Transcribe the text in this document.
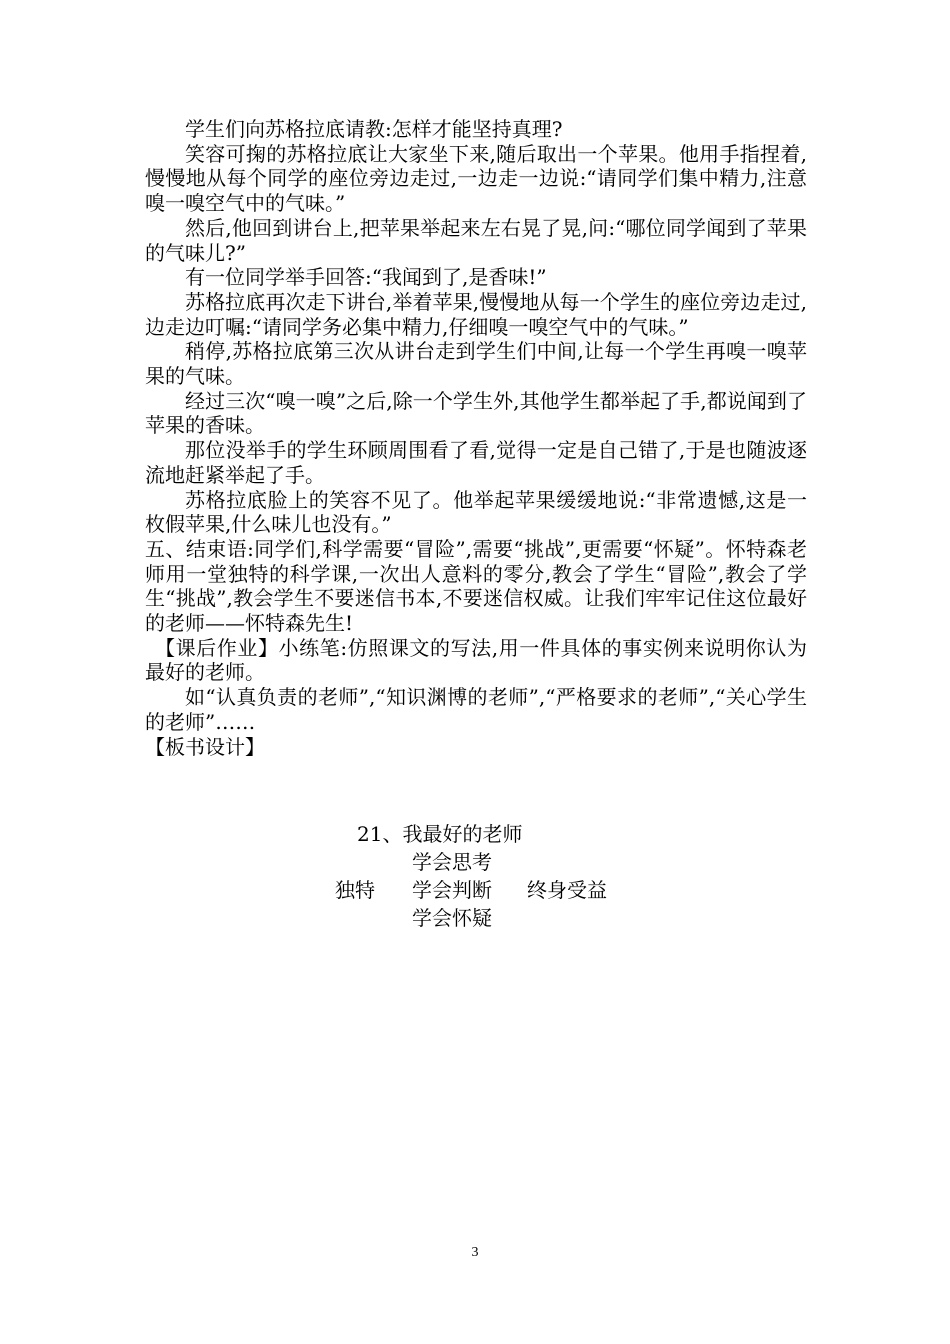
学生们向苏格拉底请教:怎样才能坚持真理?

笑容可掬的苏格拉底让大家坐下来,随后取出一个苹果。他用手指捏着,慢慢地从每个同学的座位旁边走过,一边走一边说:“请同学们集中精力,注意嗅一嗅空气中的气味。”

然后,他回到讲台上,把苹果举起来左右晃了晃,问:“哪位同学闻到了苹果的气味儿?”

有一位同学举手回答:“我闻到了,是香味!”

苏格拉底再次走下讲台,举着苹果,慢慢地从每一个学生的座位旁边走过,边走边叮嘱:“请同学务必集中精力,仔细嗅一嗅空气中的气味。”

稍停,苏格拉底第三次从讲台走到学生们中间,让每一个学生再嗅一嗅苹果的气味。

经过三次“嗅一嗅”之后,除一个学生外,其他学生都举起了手,都说闻到了苹果的香味。

那位没举手的学生环顾周围看了看,觉得一定是自己错了,于是也随波逐流地赶紧举起了手。

苏格拉底脸上的笑容不见了。他举起苹果缓缓地说:“非常遗憾,这是一枚假苹果,什么味儿也没有。”

五、结束语:同学们,科学需要“冒险”,需要“挑战”,更需要“怀疑”。怀特森老师用一堂独特的科学课,一次出人意料的零分,教会了学生“冒险”,教会了学生“挑战”,教会学生不要迷信书本,不要迷信权威。让我们牢牢记住这位最好的老师——怀特森先生!

【课后作业】小练笔:仿照课文的写法,用一件具体的事实例来说明你认为最好的老师。

如“认真负责的老师”,“知识渊博的老师”,“严格要求的老师”,“关心学生的老师”……

【板书设计】

21、我最好的老师
学会思考
独特 学会判断 终身受益
学会怀疑
3
